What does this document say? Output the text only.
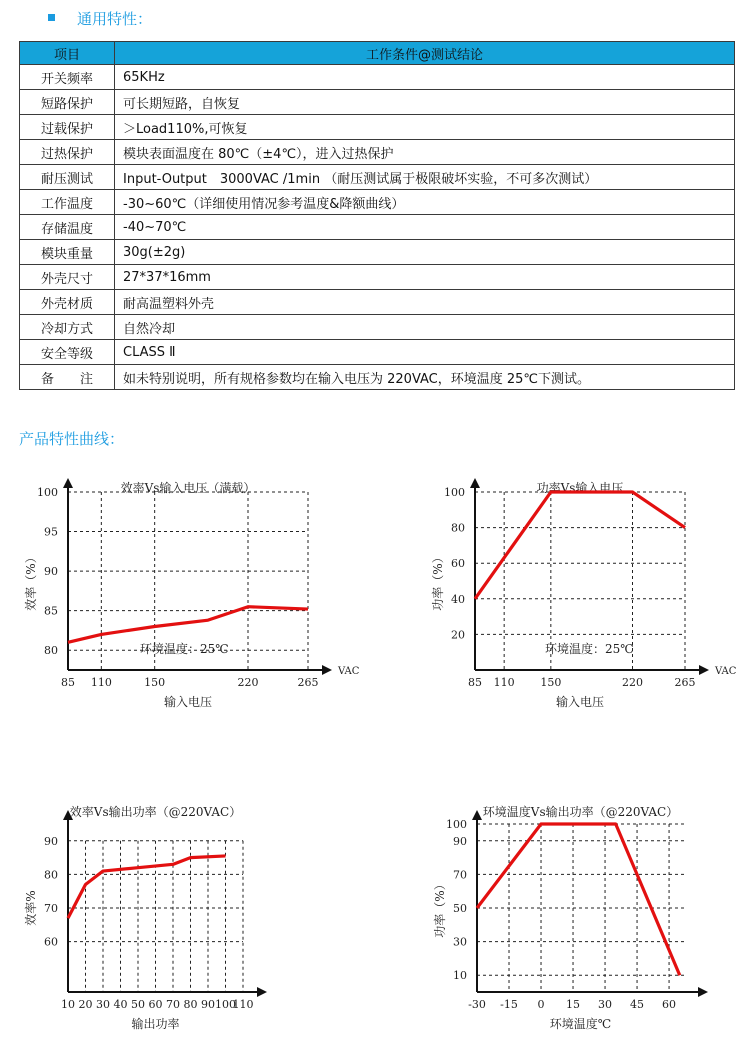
通用特性：
项目	工作条件@测试结论
开关频率	65KHz
短路保护	可长期短路，自恢复
过载保护	＞Load110%,可恢复
过热保护	模块表面温度在 80℃（±4℃），进入过热保护
耐压测试	Input-Output　3000VAC /1min （耐压测试属于极限破坏实验，不可多次测试）
工作温度	-30~60℃（详细使用情况参考温度&降额曲线）
存储温度	-40~70℃
模块重量	30g(±2g)
外壳尺寸	27*37*16mm
外壳材质	耐高温塑料外壳
冷却方式	自然冷却
安全等级	CLASS Ⅱ
备　　注	如未特别说明，所有规格参数均在输入电压为 220VAC，环境温度 25℃下测试。
产品特性曲线：
效率Vs输入电压（满载）
80
85
90
95
100
85 110	150	220	265
VAC
输入电压
效率（%）
环境温度：25℃
功率Vs输入电压
20
40
60
80
100
85 110 150	220	265
VAC
输入电压
功率（%）
环境温度：25℃
效率Vs输出功率（@220VAC）
60
70
80
90
10 20 30 40 50 60 70 80 90 100
110
输出功率
效率%
环境温度Vs输出功率（@220VAC）
10
30
50
70
90
100
-30 -15 0 15 30 45 60
环境温度℃
功率（%）
